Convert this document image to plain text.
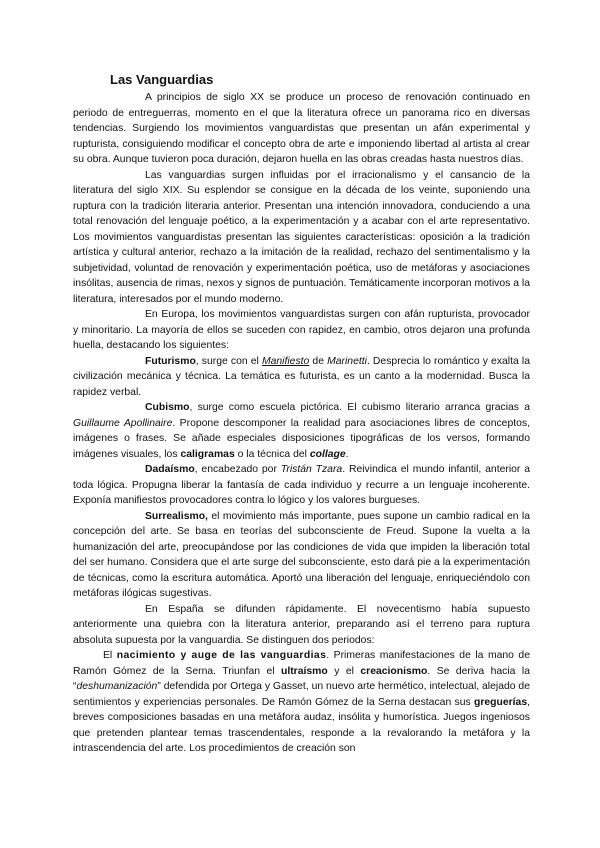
Las Vanguardias

A principios de siglo XX se produce un proceso de renovación continuado en periodo de entreguerras, momento en el que la literatura ofrece un panorama rico en diversas tendencias. Surgiendo los movimientos vanguardistas que presentan un afán experimental y rupturista, consiguiendo modificar el concepto obra de arte e imponiendo libertad al artista al crear su obra. Aunque tuvieron poca duración, dejaron huella en las obras creadas hasta nuestros días.

Las vanguardias surgen influidas por el irracionalismo y el cansancio de la literatura del siglo XIX. Su esplendor se consigue en la década de los veinte, suponiendo una ruptura con la tradición literaria anterior. Presentan una intención innovadora, conduciendo a una total renovación del lenguaje poético, a la experimentación y a acabar con el arte representativo. Los movimientos vanguardistas presentan las siguientes características: oposición a la tradición artística y cultural anterior, rechazo a la imitación de la realidad, rechazo del sentimentalismo y la subjetividad, voluntad de renovación y experimentación poética, uso de metáforas y asociaciones insólitas, ausencia de rimas, nexos y signos de puntuación. Temáticamente incorporan motivos a la literatura, interesados por el mundo moderno.

En Europa, los movimientos vanguardistas surgen con afán rupturista, provocador y minoritario. La mayoría de ellos se suceden con rapidez, en cambio, otros dejaron una profunda huella, destacando los siguientes:

Futurismo, surge con el Manifiesto de Marinetti. Desprecia lo romántico y exalta la civilización mecánica y técnica. La temática es futurista, es un canto a la modernidad. Busca la rapidez verbal.

Cubismo, surge como escuela pictórica. El cubismo literario arranca gracias a Guillaume Apollinaire. Propone descomponer la realidad para asociaciones libres de conceptos, imágenes o frases. Se añade especiales disposiciones tipográficas de los versos, formando imágenes visuales, los caligramas o la técnica del collage.

Dadaísmo, encabezado por Tristán Tzara. Reivindica el mundo infantil, anterior a toda lógica. Propugna liberar la fantasía de cada individuo y recurre a un lenguaje incoherente. Exponía manifiestos provocadores contra lo lógico y los valores burgueses.

Surrealismo, el movimiento más importante, pues supone un cambio radical en la concepción del arte. Se basa en teorías del subconsciente de Freud. Supone la vuelta a la humanización del arte, preocupándose por las condiciones de vida que impiden la liberación total del ser humano. Considera que el arte surge del subconsciente, esto dará pie a la experimentación de técnicas, como la escritura automática. Aportó una liberación del lenguaje, enriqueciéndolo con metáforas ilógicas sugestivas.

En España se difunden rápidamente. El novecentismo había supuesto anteriormente una quiebra con la literatura anterior, preparando así el terreno para ruptura absoluta supuesta por la vanguardia. Se distinguen dos periodos:

El nacimiento y auge de las vanguardias. Primeras manifestaciones de la mano de Ramón Gómez de la Serna. Triunfan el ultraísmo y el creacionismo. Se deriva hacia la “deshumanización” defendida por Ortega y Gasset, un nuevo arte hermético, intelectual, alejado de sentimientos y experiencias personales. De Ramón Gómez de la Serna destacan sus greguerías, breves composiciones basadas en una metáfora audaz, insólita y humorística. Juegos ingeniosos que pretenden plantear temas trascendentales, responde a la revalorando la metáfora y la intrascendencia del arte. Los procedimientos de creación son
